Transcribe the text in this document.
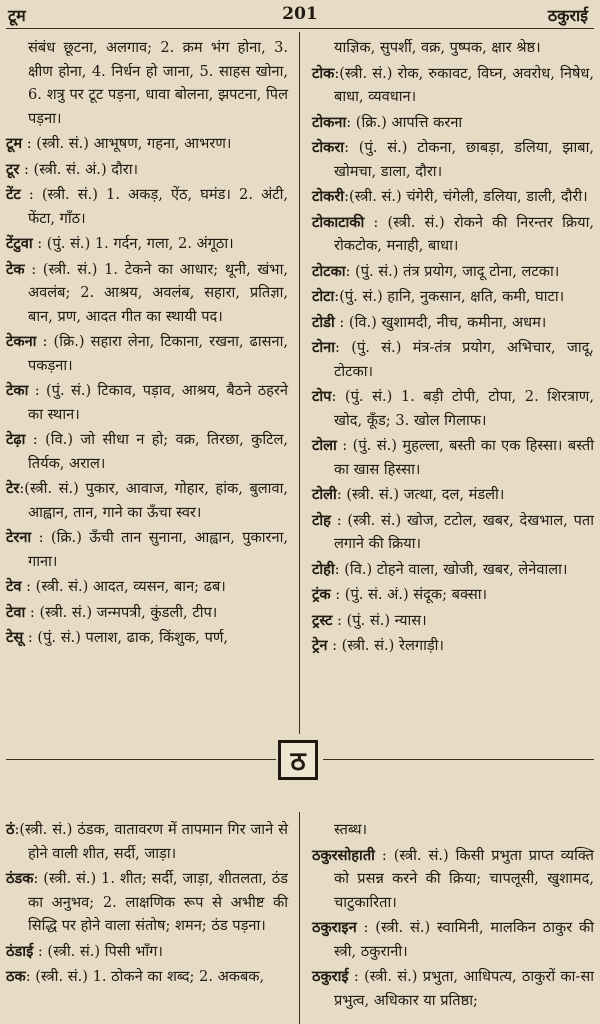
टूम	201	ठकुराई

संबंध छूटना, अलगाव; 2. क्रम भंग होना, 3. क्षीण होना, 4. निर्धन हो जाना, 5. साहस खोना, 6. शत्रु पर टूट पड़ना, धावा बोलना, झपटना, पिल पड़ना।

टूम : (स्त्री. सं.) आभूषण, गहना, आभरण।

टूर : (स्त्री. सं. अं.) दौरा।

टेंट : (स्त्री. सं.) 1. अकड़, ऐंठ, घमंड। 2. अंटी, फेंटा, गाँठ।

टेंटुवा : (पुं. सं.) 1. गर्दन, गला, 2. अंगूठा।

टेक : (स्त्री. सं.) 1. टेकने का आधार; थूनी, खंभा, अवलंब; 2. आश्रय, अवलंब, सहारा, प्रतिज्ञा, बान, प्रण, आदत गीत का स्थायी पद।

टेकना : (क्रि.) सहारा लेना, टिकाना, रखना, ढासना, पकड़ना।

टेका : (पुं. सं.) टिकाव, पड़ाव, आश्रय, बैठने ठहरने का स्थान।

टेढ़ा : (वि.) जो सीधा न हो; वक्र, तिरछा, कुटिल, तिर्यक, अराल।

टेर:(स्त्री. सं.) पुकार, आवाज, गोहार, हांक, बुलावा, आह्वान, तान, गाने का ऊँचा स्वर।

टेरना : (क्रि.) ऊँची तान सुनाना, आह्वान, पुकारना, गाना।

टेव : (स्त्री. सं.) आदत, व्यसन, बान; ढब।

टेवा : (स्त्री. सं.) जन्मपत्री, कुंडली, टीप।

टेसू : (पुं. सं.) पलाश, ढाक, किंशुक, पर्ण,

याज्ञिक, सुपर्शी, वक्र, पुष्पक, क्षार श्रेष्ठ।

टोक:(स्त्री. सं.) रोक, रुकावट, विघ्न, अवरोध, निषेध, बाधा, व्यवधान।

टोकना: (क्रि.) आपत्ति करना

टोकरा: (पुं. सं.) टोकना, छाबड़ा, डलिया, झाबा, खोमचा, डाला, दौरा।

टोकरी:(स्त्री. सं.) चंगेरी, चंगेली, डलिया, डाली, दौरी।

टोकाटाकी : (स्त्री. सं.) रोकने की निरन्तर क्रिया, रोकटोक, मनाही, बाधा।

टोटका: (पुं. सं.) तंत्र प्रयोग, जादू टोना, लटका।

टोटा:(पुं. सं.) हानि, नुकसान, क्षति, कमी, घाटा।

टोडी : (वि.) खुशामदी, नीच, कमीना, अधम।

टोना: (पुं. सं.) मंत्र-तंत्र प्रयोग, अभिचार, जादू, टोटका।

टोप: (पुं. सं.) 1. बड़ी टोपी, टोपा, 2. शिरत्राण, खोद, कूँड; 3. खोल गिलाफ।

टोला : (पुं. सं.) मुहल्ला, बस्ती का एक हिस्सा। बस्ती का खास हिस्सा।

टोली: (स्त्री. सं.) जत्था, दल, मंडली।

टोह : (स्त्री. सं.) खोज, टटोल, खबर, देखभाल, पता लगाने की क्रिया।

टोही: (वि.) टोहने वाला, खोजी, खबर, लेनेवाला।

ट्रंक : (पुं. सं. अं.) संदूक; बक्सा।

ट्रस्ट : (पुं. सं.) न्यास।

ट्रेन : (स्त्री. सं.) रेलगाड़ी।

ठ

ठं:(स्त्री. सं.) ठंडक, वातावरण में तापमान गिर जाने से होने वाली शीत, सर्दी, जाड़ा।

ठंडक: (स्त्री. सं.) 1. शीत; सर्दी, जाड़ा, शीतलता, ठंड का अनुभव; 2. लाक्षणिक रूप से अभीष्ट की सिद्धि पर होने वाला संतोष; शमन; ठंड पड़ना।

ठंडाई : (स्त्री. सं.) पिसी भाँग।

ठक: (स्त्री. सं.) 1. ठोकने का शब्द; 2. अकबक,

स्तब्ध।

ठकुरसोहाती : (स्त्री. सं.) किसी प्रभुता प्राप्त व्यक्ति को प्रसन्न करने की क्रिया; चापलूसी, खुशामद, चाटुकारिता।

ठकुराइन : (स्त्री. सं.) स्वामिनी, मालकिन ठाकुर की स्त्री, ठकुरानी।

ठकुराई : (स्त्री. सं.) प्रभुता, आधिपत्य, ठाकुरों का-सा प्रभुत्व, अधिकार या प्रतिष्ठा;
